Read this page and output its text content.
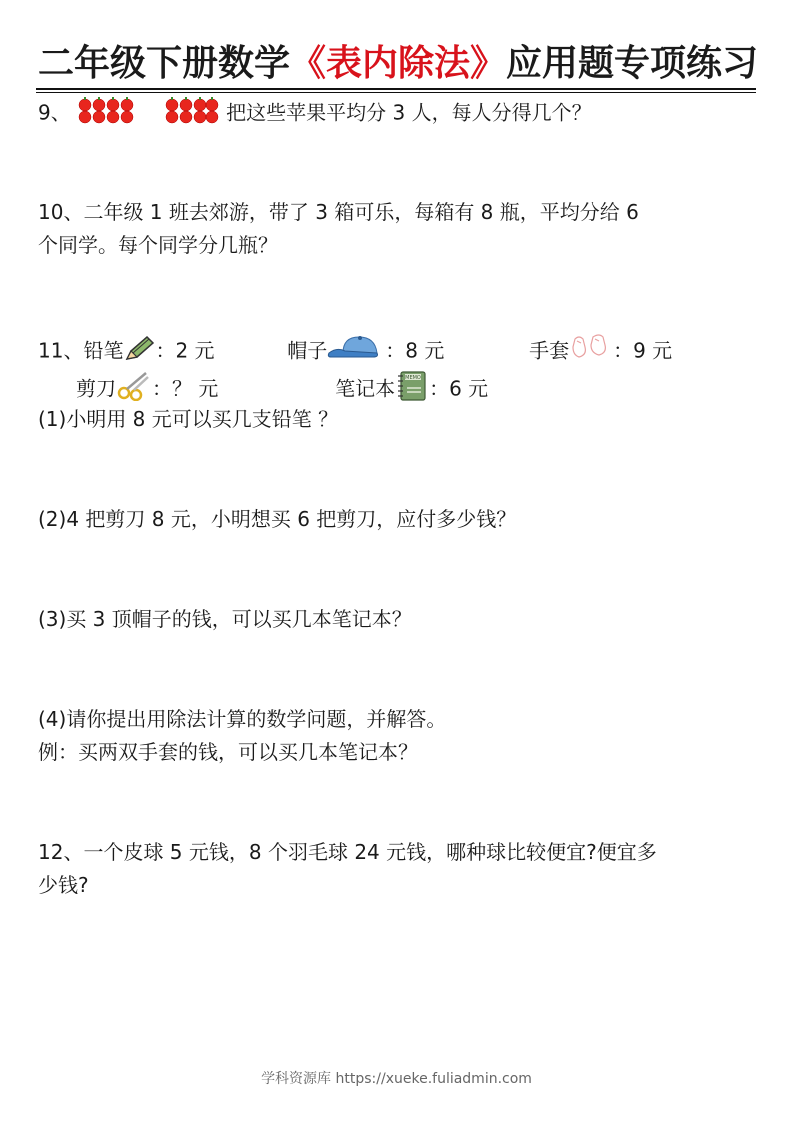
二年级下册数学《表内除法》应用题专项练习
9、	把这些苹果平均分 3 人，每人分得几个？
10、二年级 1 班去郊游，带了 3 箱可乐，每箱有 8 瓶，平均分给 6
个同学。每个同学分几瓶？
11、铅笔 ：2 元	帽子	：8 元	手套 ：9 元
剪刀 ：？ 元	笔记本 MEMO ：6 元
(1)小明用 8 元可以买几支铅笔 ？
(2)4 把剪刀 8 元，小明想买 6 把剪刀，应付多少钱？
(3)买 3 顶帽子的钱，可以买几本笔记本？
(4)请你提出用除法计算的数学问题，并解答。
例：买两双手套的钱，可以买几本笔记本？
12、一个皮球 5 元钱，8 个羽毛球 24 元钱，哪种球比较便宜?便宜多
少钱?
学科资源库 https://xueke.fuliadmin.com
